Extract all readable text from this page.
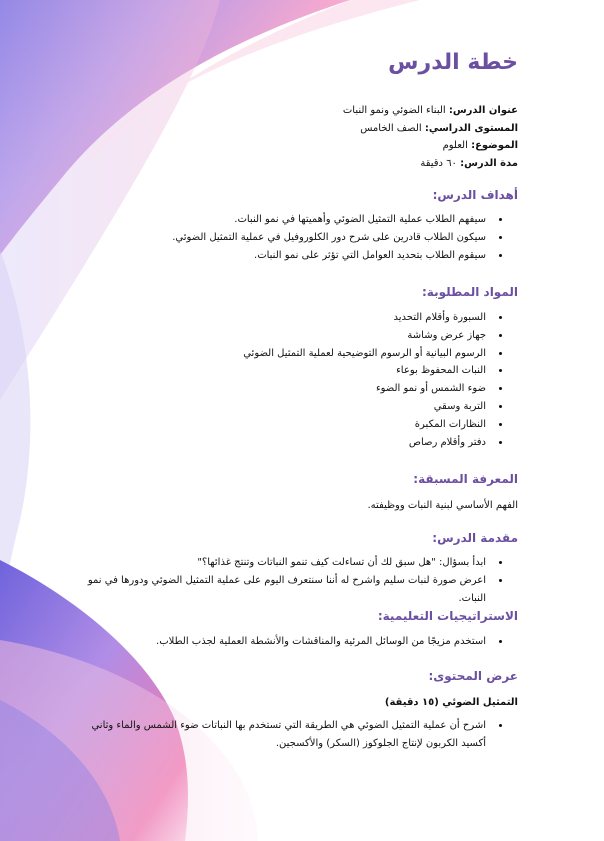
خطة الدرس

عنوان الدرس: البناء الضوئي ونمو النبات

المستوى الدراسي: الصف الخامس

الموضوع: العلوم

مدة الدرس: ٦٠ دقيقة

أهداف الدرس:
• سيفهم الطلاب عملية التمثيل الضوئي وأهميتها في نمو النبات.
• سيكون الطلاب قادرين على شرح دور الكلوروفيل في عملية التمثيل الضوئي.
• سيقوم الطلاب بتحديد العوامل التي تؤثر على نمو النبات.
المواد المطلوبة:
• السبورة وأقلام التحديد
• جهاز عرض وشاشة
• الرسوم البيانية أو الرسوم التوضيحية لعملية التمثيل الضوئي
• النبات المحفوظ بوعاء
• ضوء الشمس أو نمو الضوء
• التربة وسقي
• النظارات المكبرة
• دفتر وأقلام رصاص
المعرفة المسبقة:

الفهم الأساسي لبنية النبات ووظيفته.

مقدمة الدرس:
• ابدأ بسؤال: "هل سبق لك أن تساءلت كيف تنمو النباتات وتنتج غذائها؟"
• اعرض صورة لنبات سليم واشرح له أننا سنتعرف اليوم على عملية التمثيل الضوئي ودورها في نمو النبات.
الاستراتيجيات التعليمية:
• استخدم مزيجًا من الوسائل المرئية والمناقشات والأنشطة العملية لجذب الطلاب.
عرض المحتوى:

التمثيل الضوئي (١٥ دقيقة)

• اشرح أن عملية التمثيل الضوئي هي الطريقة التي تستخدم بها النباتات ضوء الشمس والماء وثاني أكسيد الكربون لإنتاج الجلوكوز (السكر) والأكسجين.
